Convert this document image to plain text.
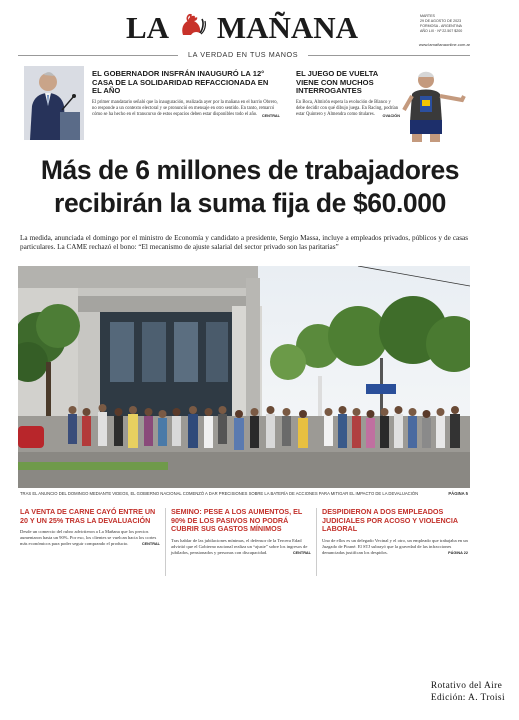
LA MAÑANA	MARTES
29 DE AGOSTO DE 2023
FORMOSA - ARGENTINA
AÑO LIX · Nº 22.507 $200
LA VERDAD EN TUS MANOS
www.lamañanaonline.com.ar
EL GOBERNADOR INSFRÁN INAUGURÓ LA 12° CASA DE LA SOLIDARIDAD REFACCIONADA EN EL AÑO

El primer mandatario señaló que la inauguración, realizada ayer por la mañana en el barrio Obrero, no responde a un contexto electoral y se pronunció en mensaje en otro sentido. En tanto, remarcó cómo se ha hecho en el transcurso de estos espacios deben estar disponibles todo el año. CENTRAL

EL JUEGO DE VUELTA VIENE CON MUCHOS INTERROGANTES

En Boca, Almirón espera la evolución de Blanco y debe decidir con qué dibujo juega. En Racing, podrían estar Quintero y Almendra como titulares. OVACIÓN

Más de 6 millones de trabajadores recibirán la suma fija de $60.000
La medida, anunciada el domingo por el ministro de Economía y candidato a presidente, Sergio Massa, incluye a empleados privados, públicos y de casas particulares. La CAME rechazó el bono: “El mecanismo de ajuste salarial del sector privado son las paritarias”
TRAS EL ANUNCIO DEL DOMINGO MEDIANTE VIDEOS, EL GOBIERNO NACIONAL COMENZÓ A DAR PRECISIONES SOBRE LA BATERÍA DE ACCIONES PARA MITIGAR EL IMPACTO DE LA DEVALUACIÓN	PÁGINA 5
LA VENTA DE CARNE CAYÓ ENTRE UN 20 Y UN 25% TRAS LA DEVALUACIÓN

Desde un comercio del rubro advirtieron a La Mañana que los precios aumentaron hasta un 90%. Por eso, los clientes se vuelcan hacia los cortes más económicos para poder seguir comprando el producto.	CENTRAL

SEMINO: PESE A LOS AUMENTOS, EL 90% DE LOS PASIVOS NO PODRÁ CUBRIR SUS GASTOS MÍNIMOS

Tras hablar de las jubilaciones mínimas, el defensor de la Tercera Edad advirtió que el Gobierno nacional realiza un “ajuste” sobre los ingresos de jubilados, pensionados y personas con discapacidad.	CENTRAL

DESPIDIERON A DOS EMPLEADOS JUDICIALES POR ACOSO Y VIOLENCIA LABORAL

Uno de ellos es un delegado Vecinal y el otro, un empleado que trabajaba en un Juzgado de Pirané. El STJ subrayó que la gravedad de las infracciones denunciadas justifican los despidos.	PÁGINA 22

Rotativo del Aire
Edición: A. Troisi
